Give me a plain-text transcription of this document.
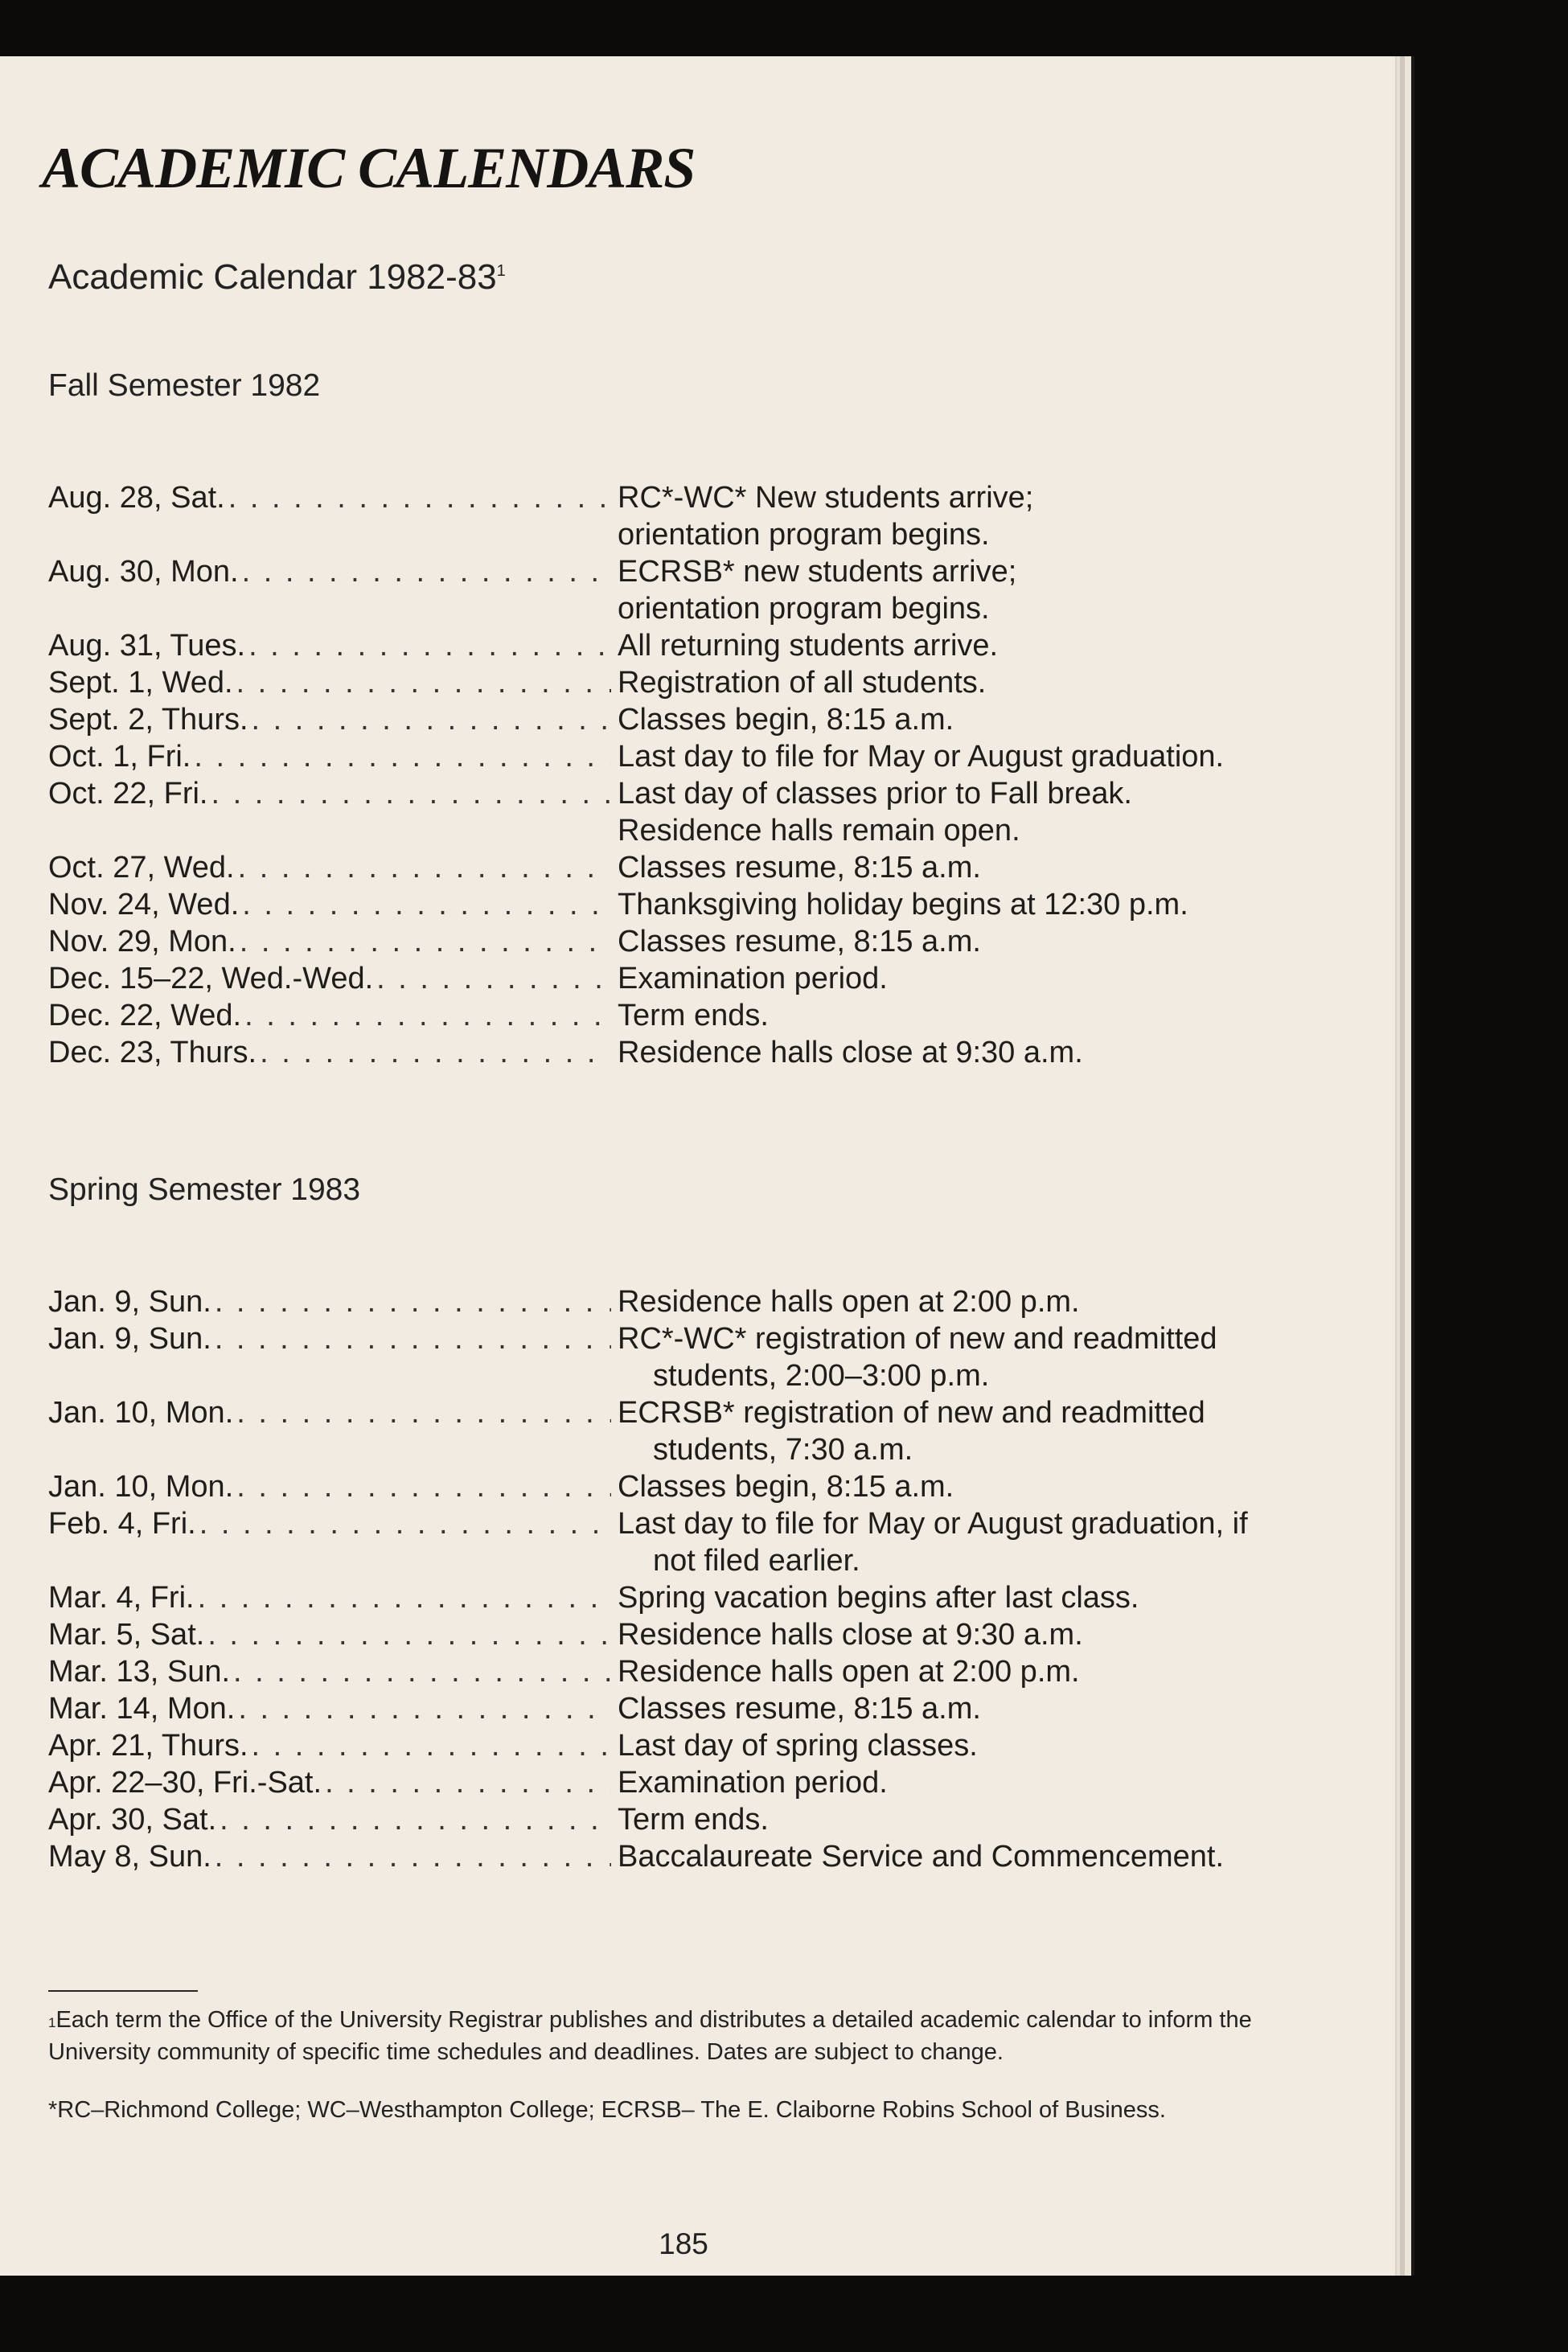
ACADEMIC CALENDARS
Academic Calendar $1982-83^1$
Fall Semester 1982
Aug. 28, Sat. . . .	RC*-WC* New students arrive;
orientation program begins.
Aug. 30, Mon. . . .	ECRSB* new students arrive;
orientation program begins.
Aug. 31, Tues. . . .	All returning students arrive.
Sept. 1, Wed. . . .	Registration of all students.
Sept. 2, Thurs. . . .	Classes begin, 8:15 a.m.
Oct. 1, Fri. . . .	Last day to file for May or August graduation.
Oct. 22, Fri. . . .	Last day of classes prior to Fall break.
Residence halls remain open.
Oct. 27, Wed. . . .	Classes resume, 8:15 a.m.
Nov. 24, Wed. . . .	Thanksgiving holiday begins at 12:30 p.m.
Nov. 29, Mon. . . .	Classes resume, 8:15 a.m.
Dec. 15–22, Wed.-Wed. . . .	Examination period.
Dec. 22, Wed. . . .	Term ends.
Dec. 23, Thurs. . . .	Residence halls close at 9:30 a.m.
Spring Semester 1983
Jan. 9, Sun. . . .	Residence halls open at 2:00 p.m.
Jan. 9, Sun. . . .	RC*-WC* registration of new and readmitted
students, 2:00–3:00 p.m.
Jan. 10, Mon. . . .	ECRSB* registration of new and readmitted
students, 7:30 a.m.
Jan. 10, Mon. . . .	Classes begin, 8:15 a.m.
Feb. 4, Fri. . . .	Last day to file for May or August graduation, if
not filed earlier.
Mar. 4, Fri. . . .	Spring vacation begins after last class.
Mar. 5, Sat. . . .	Residence halls close at 9:30 a.m.
Mar. 13, Sun. . . .	Residence halls open at 2:00 p.m.
Mar. 14, Mon. . . .	Classes resume, 8:15 a.m.
Apr. 21, Thurs. . . .	Last day of spring classes.
Apr. 22–30, Fri.-Sat. . . .	Examination period.
Apr. 30, Sat. . . .	Term ends.
May 8, Sun. . . .	Baccalaureate Service and Commencement.

$^1$Each term the Office of the University Registrar publishes and distributes a detailed academic calendar to inform the University community of specific time schedules and deadlines. Dates are subject to change.

*RC–Richmond College; WC–Westhampton College; ECRSB– The E. Claiborne Robins School of Business.

185
